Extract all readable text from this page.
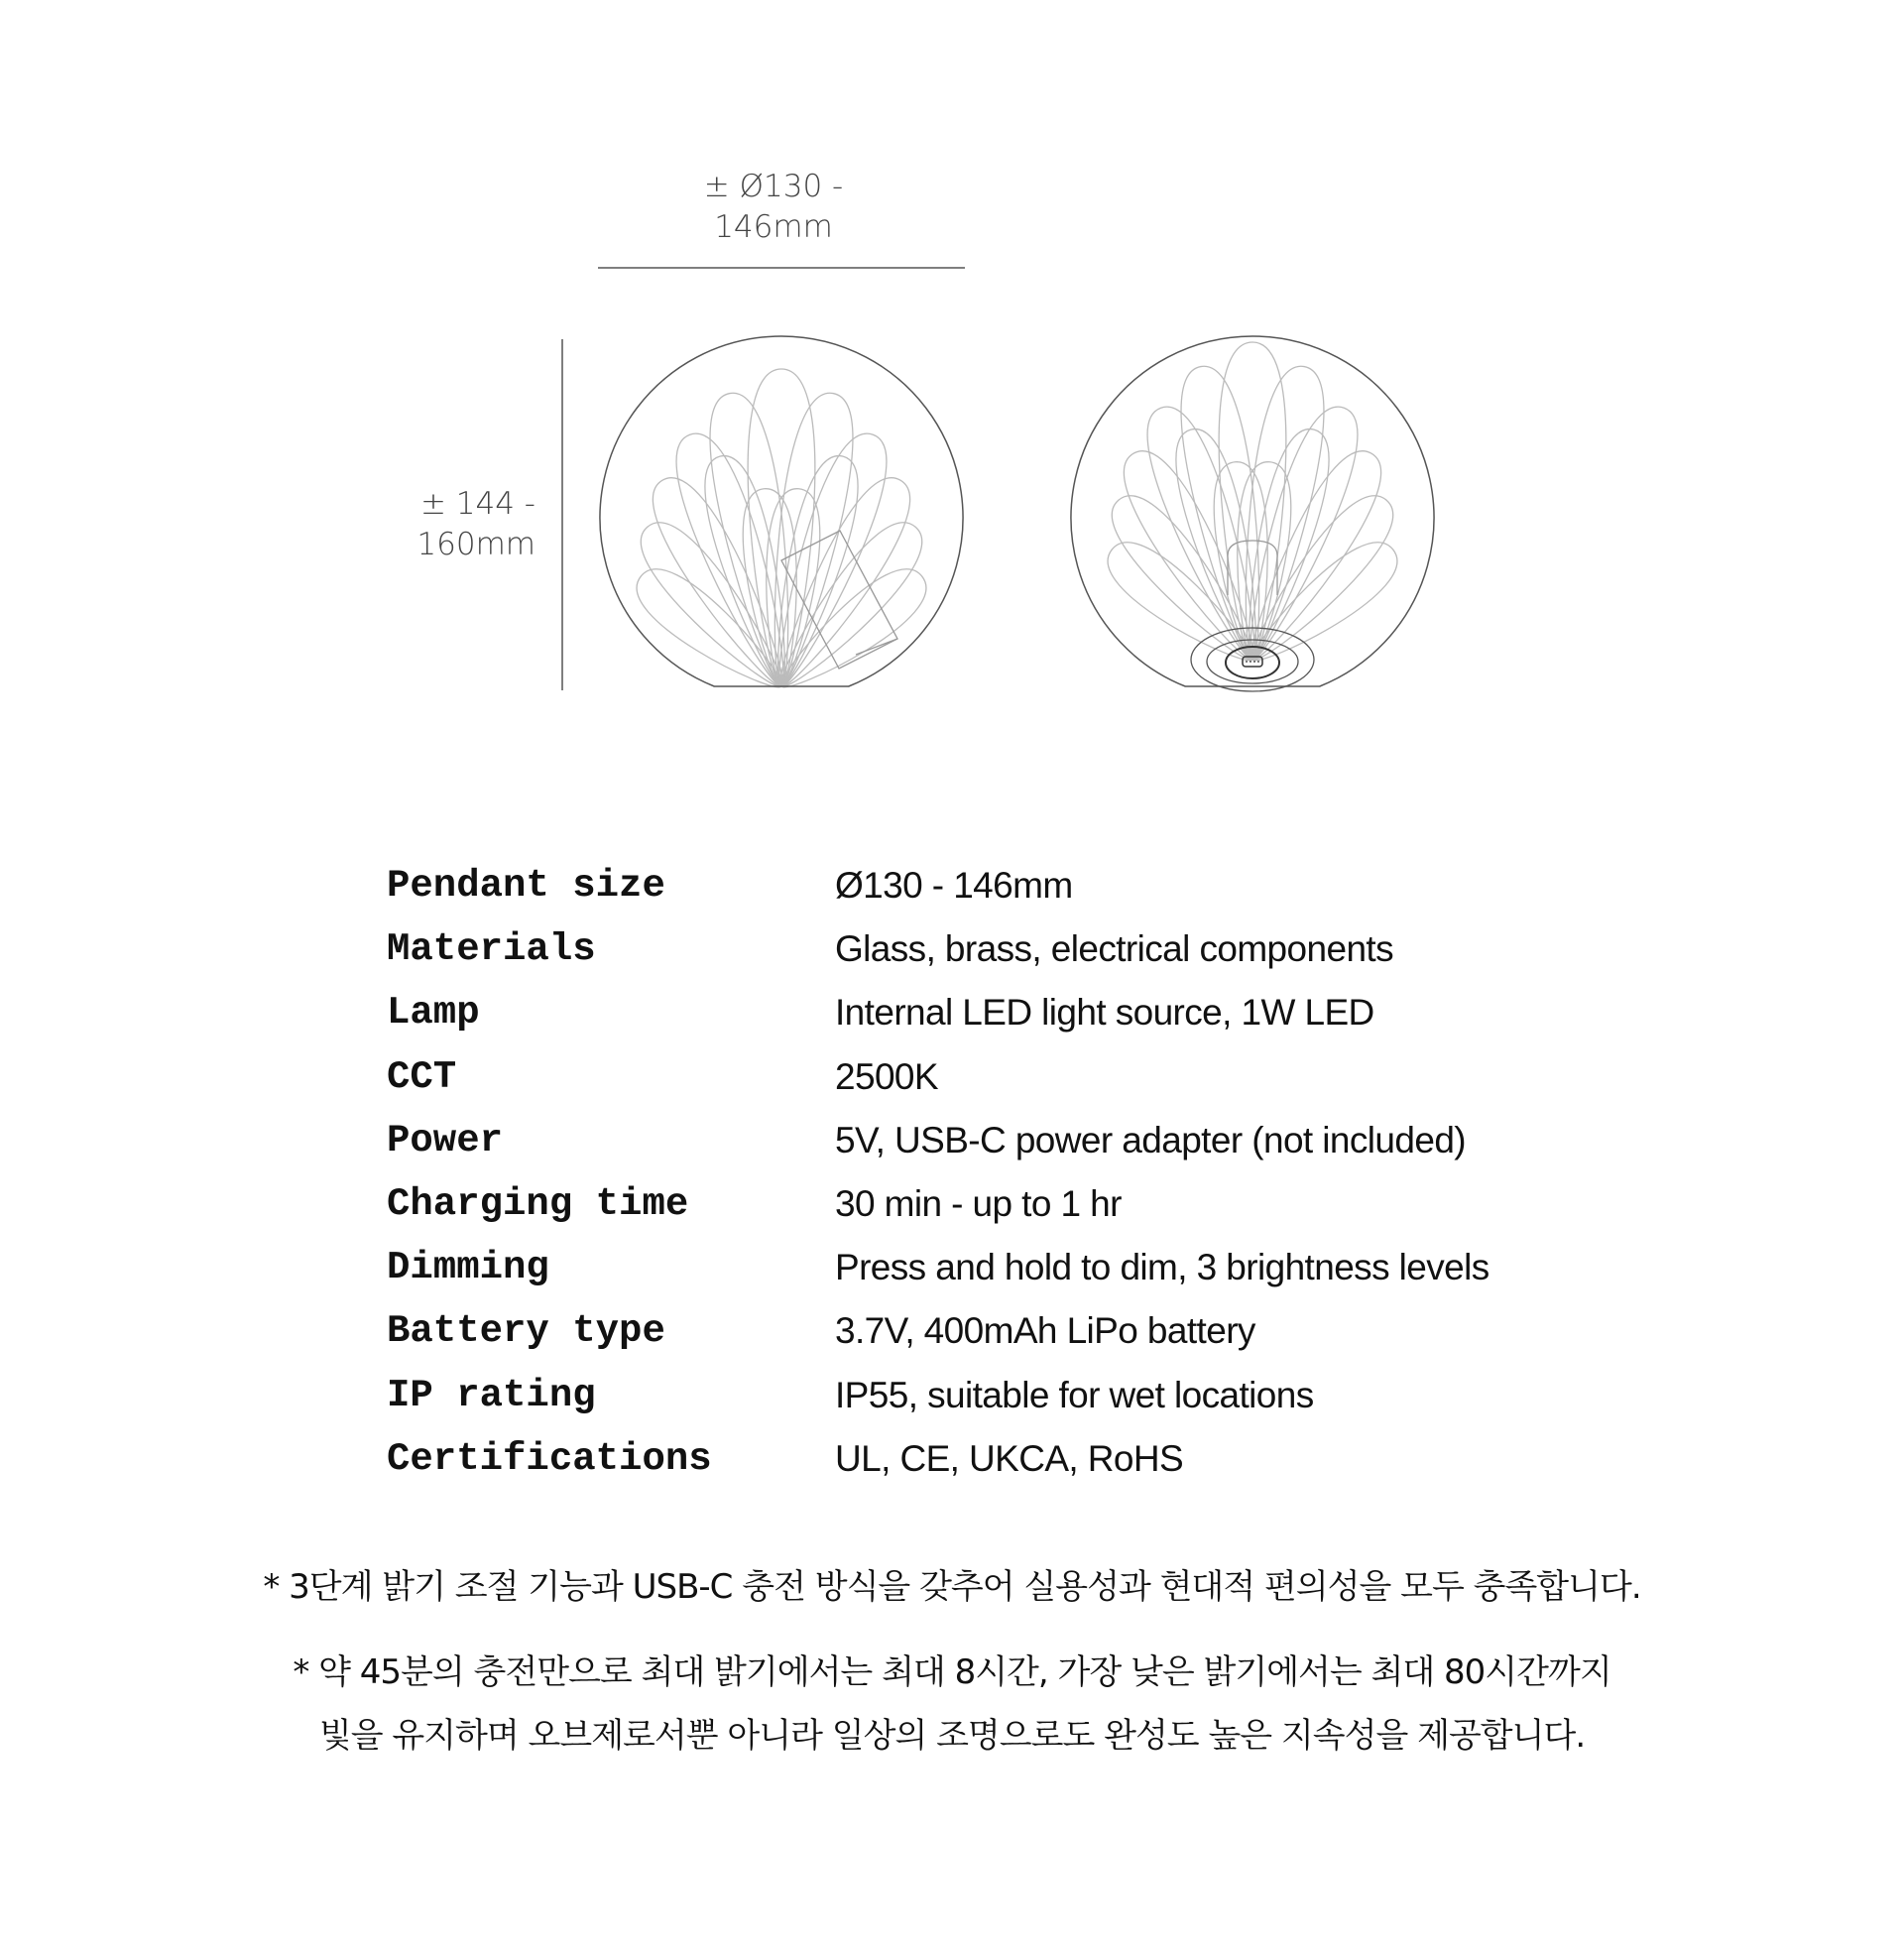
± Ø130 -
146mm
± 144 -
160mm
Pendant size	Ø130 - 146mm
Materials	Glass, brass, electrical components
Lamp	Internal LED light source, 1W LED
CCT	2500K
Power	5V, USB-C power adapter (not included)
Charging time	30 min - up to 1 hr
Dimming	Press and hold to dim, 3 brightness levels
Battery type	3.7V, 400mAh LiPo battery
IP rating	IP55, suitable for wet locations
Certifications	UL, CE, UKCA, RoHS
* 3단계 밝기 조절 기능과 USB-C 충전 방식을 갖추어 실용성과 현대적 편의성을 모두 충족합니다.
* 약 45분의 충전만으로 최대 밝기에서는 최대 8시간, 가장 낮은 밝기에서는 최대 80시간까지
빛을 유지하며 오브제로서뿐 아니라 일상의 조명으로도 완성도 높은 지속성을 제공합니다.
